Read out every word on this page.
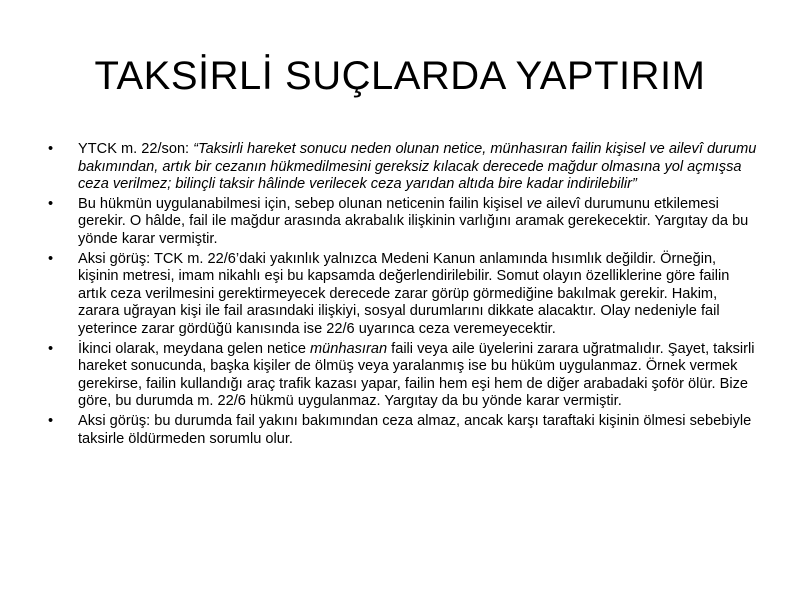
TAKSİRLİ SUÇLARDA YAPTIRIM
•	YTCK m. 22/son: “Taksirli hareket sonucu neden olunan netice, münhasıran failin kişisel ve ailevî durumu bakımından, artık bir cezanın hükmedilmesini gereksiz kılacak derecede mağdur olmasına yol açmışsa ceza verilmez; bilinçli taksir hâlinde verilecek ceza yarıdan altıda bire kadar indirilebilir”
•	Bu hükmün uygulanabilmesi için, sebep olunan neticenin failin kişisel ve ailevî durumunu etkilemesi gerekir. O hâlde, fail ile mağdur arasında akrabalık ilişkinin varlığını aramak gerekecektir. Yargıtay da bu yönde karar vermiştir.
•	Aksi görüş: TCK m. 22/6’daki yakınlık yalnızca Medeni Kanun anlamında hısımlık değildir. Örneğin, kişinin metresi, imam nikahlı eşi bu kapsamda değerlendirilebilir. Somut olayın özelliklerine göre failin artık ceza verilmesini gerektirmeyecek derecede zarar görüp görmediğine bakılmak gerekir. Hakim, zarara uğrayan kişi ile fail arasındaki ilişkiyi, sosyal durumlarını dikkate alacaktır. Olay nedeniyle fail yeterince zarar gördüğü kanısında ise 22/6 uyarınca ceza veremeyecektir.
•	İkinci olarak, meydana gelen netice münhasıran faili veya aile üyelerini zarara uğratmalıdır. Şayet, taksirli hareket sonucunda, başka kişiler de ölmüş veya yaralanmış ise bu hüküm uygulanmaz. Örnek vermek gerekirse, failin kullandığı araç trafik kazası yapar, failin hem eşi hem de diğer arabadaki şoför ölür. Bize göre, bu durumda m. 22/6 hükmü uygulanmaz. Yargıtay da bu yönde karar vermiştir.
•	Aksi görüş: bu durumda fail yakını bakımından ceza almaz, ancak karşı taraftaki kişinin ölmesi sebebiyle taksirle öldürmeden sorumlu olur.
